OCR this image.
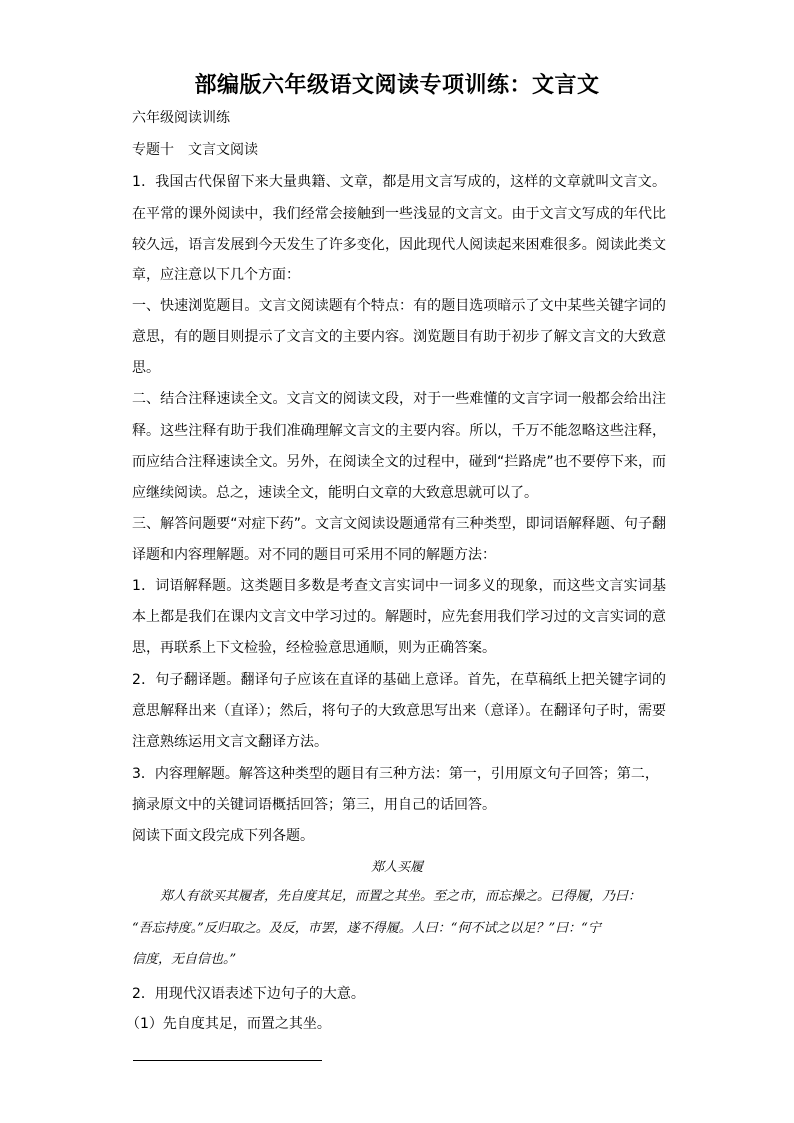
部编版六年级语文阅读专项训练：文言文
六年级阅读训练
专题十　文言文阅读
1．我国古代保留下来大量典籍、文章，都是用文言写成的，这样的文章就叫文言文。
在平常的课外阅读中，我们经常会接触到一些浅显的文言文。由于文言文写成的年代比
较久远，语言发展到今天发生了许多变化，因此现代人阅读起来困难很多。阅读此类文
章，应注意以下几个方面：
一、快速浏览题目。文言文阅读题有个特点：有的题目选项暗示了文中某些关键字词的
意思，有的题目则提示了文言文的主要内容。浏览题目有助于初步了解文言文的大致意
思。
二、结合注释速读全文。文言文的阅读文段，对于一些难懂的文言字词一般都会给出注
释。这些注释有助于我们准确理解文言文的主要内容。所以，千万不能忽略这些注释，
而应结合注释速读全文。另外，在阅读全文的过程中，碰到“拦路虎”也不要停下来，而
应继续阅读。总之，速读全文，能明白文章的大致意思就可以了。
三、解答问题要“对症下药”。文言文阅读设题通常有三种类型，即词语解释题、句子翻
译题和内容理解题。对不同的题目可采用不同的解题方法：
1．词语解释题。这类题目多数是考查文言实词中一词多义的现象，而这些文言实词基
本上都是我们在课内文言文中学习过的。解题时，应先套用我们学习过的文言实词的意
思，再联系上下文检验，经检验意思通顺，则为正确答案。
2．句子翻译题。翻译句子应该在直译的基础上意译。首先，在草稿纸上把关键字词的
意思解释出来（直译）；然后，将句子的大致意思写出来（意译）。在翻译句子时，需要
注意熟练运用文言文翻译方法。
3．内容理解题。解答这种类型的题目有三种方法：第一，引用原文句子回答；第二，
摘录原文中的关键词语概括回答；第三，用自己的话回答。
阅读下面文段完成下列各题。
郑人买履
郑人有欲买其履者，先自度其足，而置之其坐。至之市，而忘操之。已得履，乃曰：
“吾忘持度。”反归取之。及反，市罢，遂不得履。人曰：“何不试之以足？”曰：“宁
信度，无自信也。”
2．用现代汉语表述下边句子的大意。
（1）先自度其足，而置之其坐。
